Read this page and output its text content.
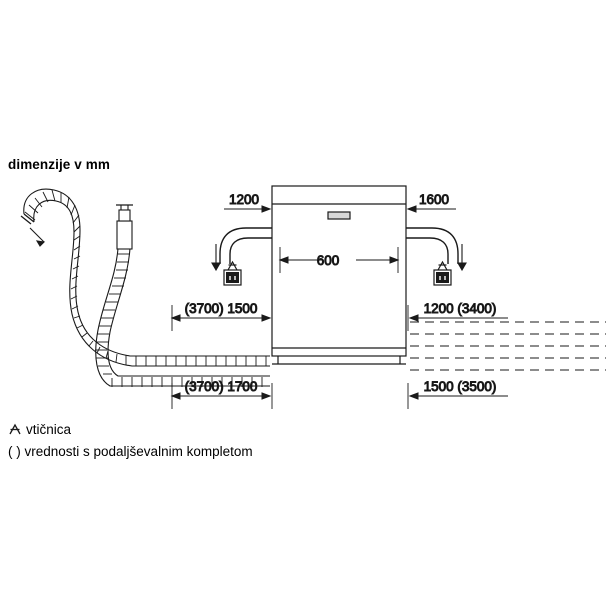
dimenzije v mm
600
1200	1600
(3700) 1500	1200 (3400)
(3700) 1700	1500 (3500)
vtičnica
( ) vrednosti s podaljševalnim kompletom
